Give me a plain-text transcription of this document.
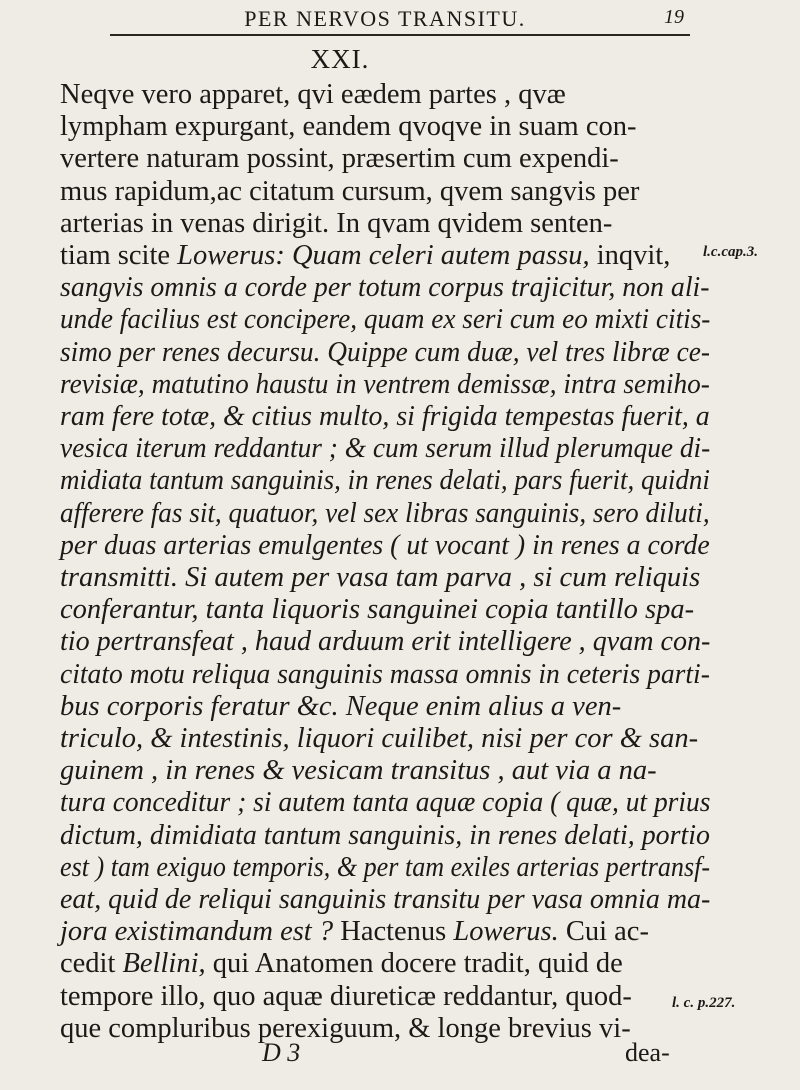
PER NERVOS TRANSITU.	19
XXI.
Neqve vero apparet, qvi eædem partes , qvæ
lympham expurgant, eandem qvoqve in suam con-
vertere naturam possint, præsertim cum expendi-
mus rapidum,ac citatum cursum, qvem sangvis per
arterias in venas dirigit. In qvam qvidem senten-
tiam scite Lowerus: Quam celeri autem passu, inqvit,
sangvis omnis a corde per totum corpus trajicitur, non ali-
unde facilius est concipere, quam ex seri cum eo mixti citis-
simo per renes decursu. Quippe cum duæ, vel tres libræ ce-
revisiæ, matutino haustu in ventrem demissæ, intra semiho-
ram fere totæ, & citius multo, si frigida tempestas fuerit, a
vesica iterum reddantur ; & cum serum illud plerumque di-
midiata tantum sanguinis, in renes delati, pars fuerit, quidni
afferere fas sit, quatuor, vel sex libras sanguinis, sero diluti,
per duas arterias emulgentes ( ut vocant ) in renes a corde
transmitti. Si autem per vasa tam parva , si cum reliquis
conferantur, tanta liquoris sanguinei copia tantillo spa-
tio pertransfeat , haud arduum erit intelligere , qvam con-
citato motu reliqua sanguinis massa omnis in ceteris parti-
bus corporis feratur &c. Neque enim alius a ven-
triculo, & intestinis, liquori cuilibet, nisi per cor & san-
guinem , in renes & vesicam transitus , aut via a na-
tura conceditur ; si autem tanta aquæ copia ( quæ, ut prius
dictum, dimidiata tantum sanguinis, in renes delati, portio
est ) tam exiguo temporis, & per tam exiles arterias pertransf-
eat, quid de reliqui sanguinis transitu per vasa omnia ma-
jora existimandum est ? Hactenus Lowerus. Cui ac-
cedit Bellini, qui Anatomen docere tradit, quid de
tempore illo, quo aquæ diureticæ reddantur, quod-
que compluribus perexiguum, & longe brevius vi-
l.c.cap.3.
l. c. p.227.
D 3	dea-
